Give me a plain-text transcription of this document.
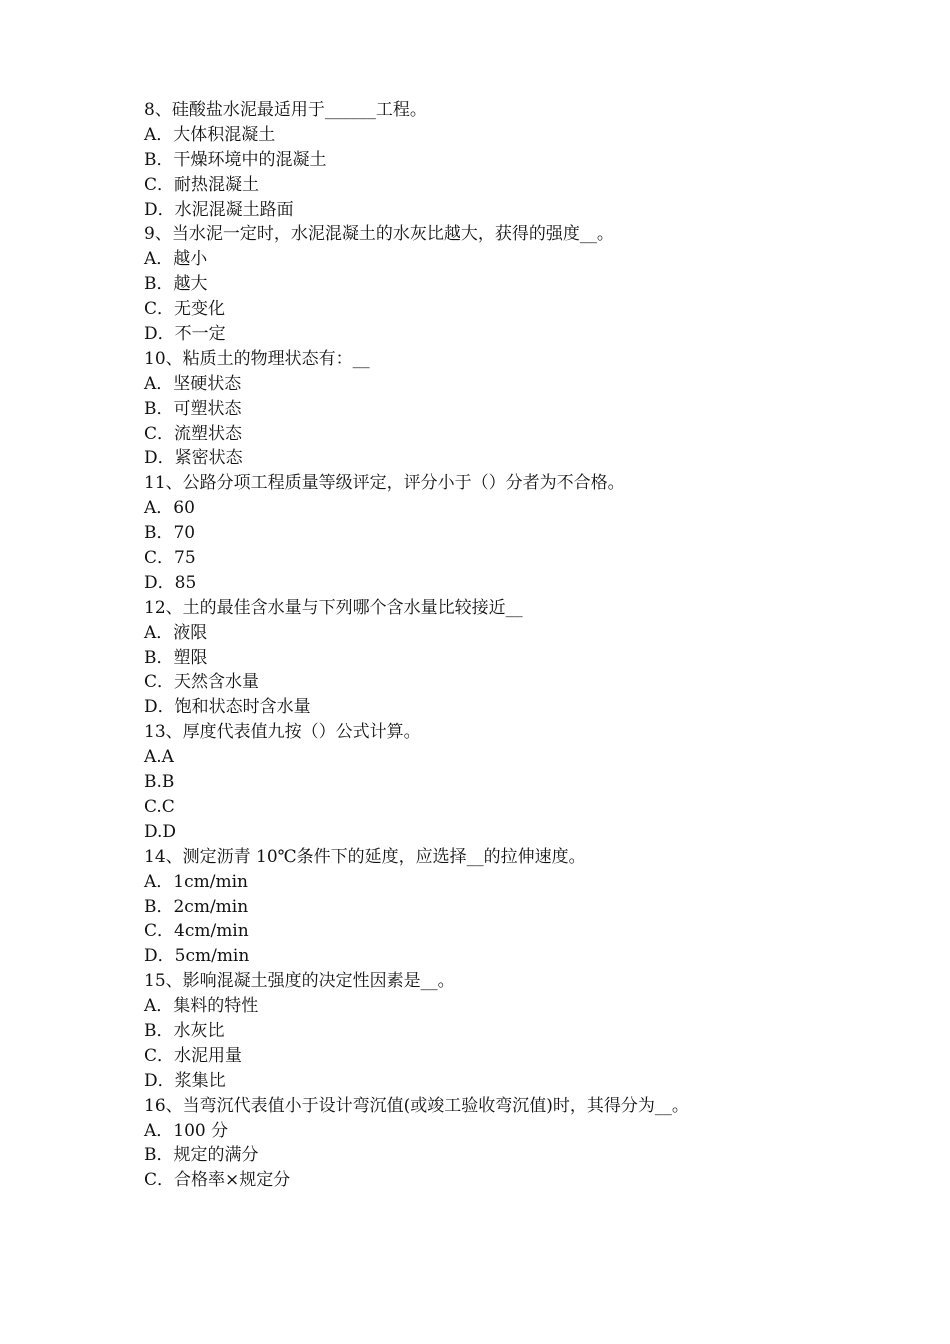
8、硅酸盐水泥最适用于______工程。
A．大体积混凝土
B．干燥环境中的混凝土
C．耐热混凝土
D．水泥混凝土路面
9、当水泥一定时，水泥混凝土的水灰比越大，获得的强度__。
A．越小
B．越大
C．无变化
D．不一定
10、粘质土的物理状态有：__
A．坚硬状态
B．可塑状态
C．流塑状态
D．紧密状态
11、公路分项工程质量等级评定，评分小于（）分者为不合格。
A．60
B．70
C．75
D．85
12、土的最佳含水量与下列哪个含水量比较接近__
A．液限
B．塑限
C．天然含水量
D．饱和状态时含水量
13、厚度代表值九按（）公式计算。
A.A
B.B
C.C
D.D
14、测定沥青 10℃条件下的延度，应选择__的拉伸速度。
A．1cm/min
B．2cm/min
C．4cm/min
D．5cm/min
15、影响混凝土强度的决定性因素是__。
A．集料的特性
B．水灰比
C．水泥用量
D．浆集比
16、当弯沉代表值小于设计弯沉值(或竣工验收弯沉值)时，其得分为__。
A．100 分
B．规定的满分
C．合格率×规定分
